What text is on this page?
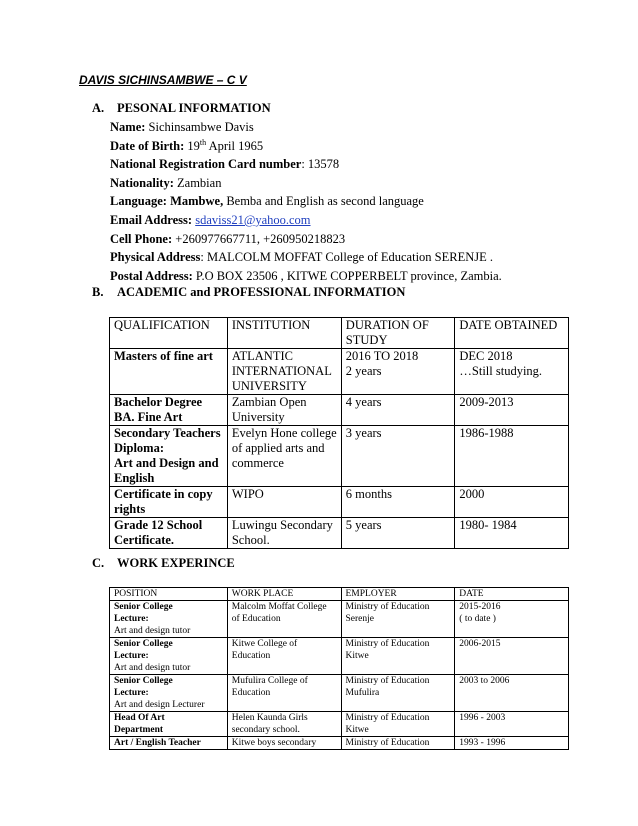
DAVIS SICHINSAMBWE – C V
A. PESONAL INFORMATION
Name: Sichinsambwe Davis
Date of Birth: 19th April 1965
National Registration Card number: 13578
Nationality: Zambian
Language: Mambwe, Bemba and English as second language
Email Address: sdaviss21@yahoo.com
Cell Phone: +260977667711, +260950218823
Physical Address: MALCOLM MOFFAT College of Education SERENJE .
Postal Address: P.O BOX 23506 , KITWE COPPERBELT province, Zambia.
B. ACADEMIC and PROFESSIONAL INFORMATION
QUALIFICATION	INSTITUTION	DURATION OF STUDY	DATE OBTAINED

Masters of fine art	ATLANTIC
INTERNATIONAL
UNIVERSITY	2016 TO 2018
2 years	DEC 2018
…Still studying.

Bachelor Degree
BA. Fine Art	Zambian Open
University	4 years	2009-2013

Secondary Teachers
Diploma:
Art and Design and
English	Evelyn Hone college
of applied arts and
commerce	3 years	1986-1988

Certificate in copy
rights	WIPO	6 months	2000

Grade 12 School
Certificate.	Luwingu Secondary
School.	5 years	1980- 1984
C. WORK EXPERINCE
POSITION	WORK PLACE	EMPLOYER	DATE

Senior College
Lecture:
Art and design tutor	Malcolm Moffat College
of Education	Ministry of Education
Serenje	2015-2016
( to date )

Senior College
Lecture:
Art and design tutor	Kitwe College of
Education	Ministry of Education
Kitwe	2006-2015

Senior College
Lecture:
Art and design Lecturer	Mufulira College of
Education	Ministry of Education
Mufulira	2003 to 2006

Head Of Art
Department	Helen Kaunda Girls
secondary school.	Ministry of Education
Kitwe	1996 - 2003

Art / English Teacher	Kitwe boys secondary	Ministry of Education	1993 - 1996
